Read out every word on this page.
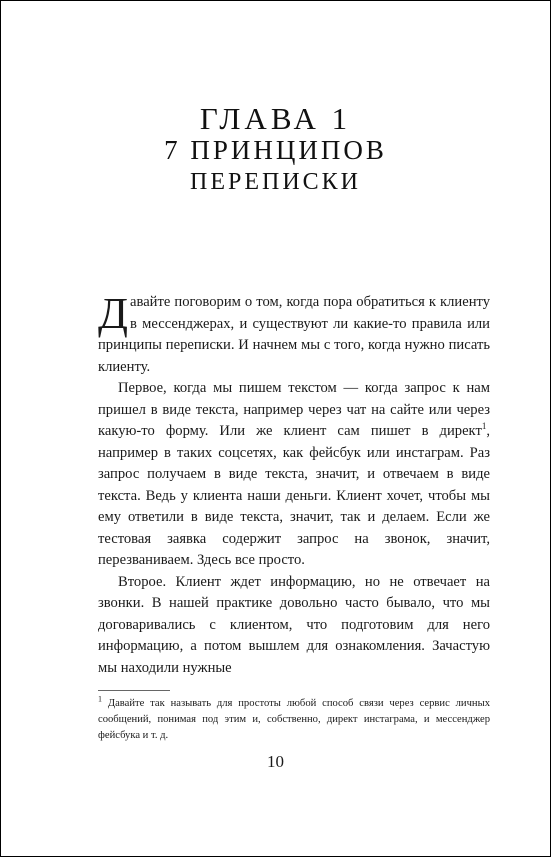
ГЛАВА 1
7 ПРИНЦИПОВ
ПЕРЕПИСКИ

Давайте поговорим о том, когда пора обратиться к клиенту в мессенджерах, и существуют ли какие-то правила или принципы переписки. И начнем мы с того, когда нужно писать клиенту.

Первое, когда мы пишем текстом — когда запрос к нам пришел в виде текста, например через чат на сайте или через какую-то форму. Или же клиент сам пишет в директ$^1$, например в таких соцсетях, как фейсбук или инстаграм. Раз запрос получаем в виде текста, значит, и отвечаем в виде текста. Ведь у клиента наши деньги. Клиент хочет, чтобы мы ему ответили в виде текста, значит, так и делаем. Если же тестовая заявка содержит запрос на звонок, значит, перезваниваем. Здесь все просто.

Второе. Клиент ждет информацию, но не отвечает на звонки. В нашей практике довольно часто бывало, что мы договаривались с клиентом, что подготовим для него информацию, а потом вышлем для ознакомления. Зачастую мы находили нужные

$^1$ Давайте так называть для простоты любой способ связи через сервис личных сообщений, понимая под этим и, собственно, директ инстаграма, и мессенджер фейсбука и т. д.
10
